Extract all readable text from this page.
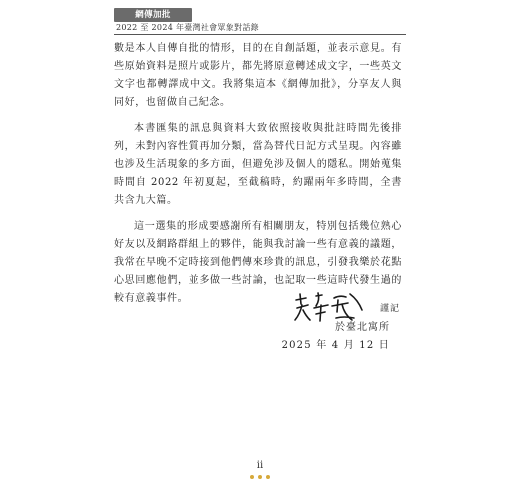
網傳加批
2022 至 2024 年臺灣社會眾象對話錄

數是本人自傳自批的情形，目的在自創話題，並表示意見。有些原始資料是照片或影片，都先將原意轉述成文字，一些英文文字也都轉譯成中文。我將集這本《網傳加批》，分享友人與同好，也留做自己紀念。

本書匯集的訊息與資料大致依照接收與批註時間先後排列，未對內容性質再加分類，當為替代日記方式呈現。內容雖也涉及生活現象的多方面，但避免涉及個人的隱私。開始蒐集時間自 2022 年初夏起，至截稿時，約躍兩年多時間，全書共含九大篇。

這一選集的形成要感謝所有相關朋友，特別包括幾位熟心好友以及網路群組上的夥伴，能與我討論一些有意義的議題，我常在早晚不定時接到他們傳來珍貴的訊息，引發我樂於花點心思回應他們，並多做一些討論，也記取一些這時代發生過的較有意義事件。

謹記
於臺北寓所
2025 年 4 月 12 日
ii
